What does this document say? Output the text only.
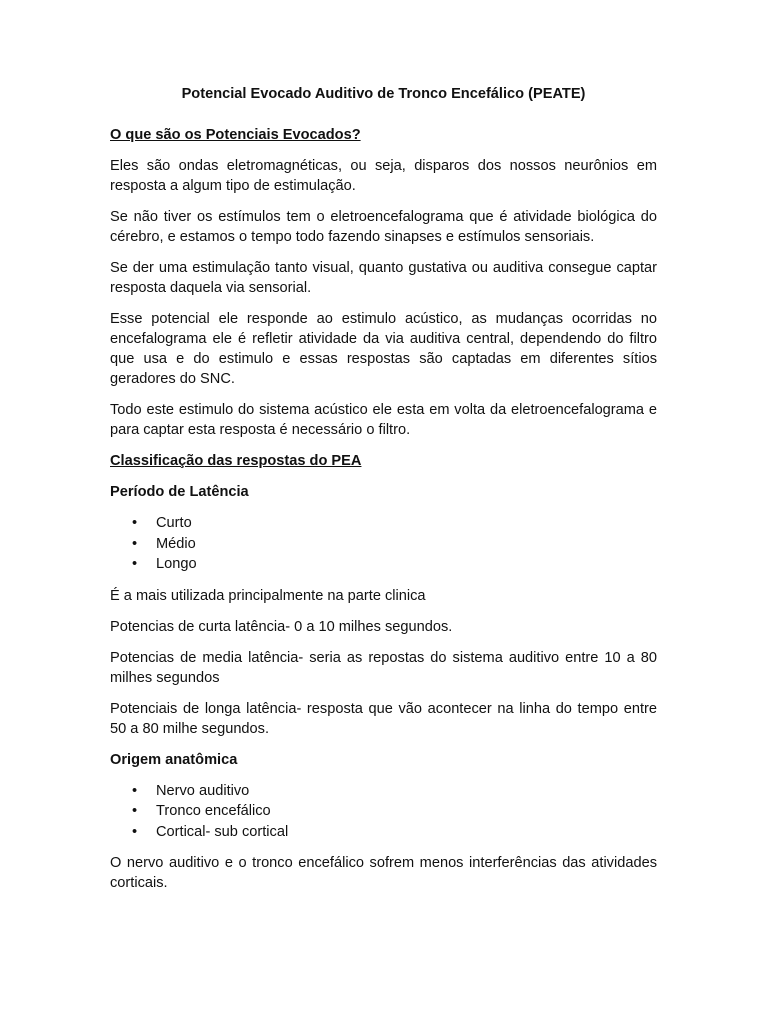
Potencial Evocado Auditivo de Tronco Encefálico (PEATE)

O que são os Potenciais Evocados?

Eles são ondas eletromagnéticas, ou seja, disparos dos nossos neurônios em resposta a algum tipo de estimulação.

Se não tiver os estímulos tem o eletroencefalograma que é atividade biológica do cérebro, e estamos o tempo todo fazendo sinapses e estímulos sensoriais.

Se der uma estimulação tanto visual, quanto gustativa ou auditiva consegue captar resposta daquela via sensorial.

Esse potencial ele responde ao estimulo acústico, as mudanças ocorridas no encefalograma ele é refletir atividade da via auditiva central, dependendo do filtro que usa e do estimulo e essas respostas são captadas em diferentes sítios geradores do SNC.

Todo este estimulo do sistema acústico ele esta em volta da eletroencefalograma e para captar esta resposta é necessário o filtro.

Classificação das respostas do PEA

Período de Latência

• Curto
• Médio
• Longo

É a mais utilizada principalmente na parte clinica

Potencias de curta latência- 0 a 10 milhes segundos.

Potencias de media latência- seria as repostas do sistema auditivo entre 10 a 80 milhes segundos

Potenciais de longa latência- resposta que vão acontecer na linha do tempo entre 50 a 80 milhe segundos.

Origem anatômica

• Nervo auditivo
• Tronco encefálico
• Cortical- sub cortical

O nervo auditivo e o tronco encefálico sofrem menos interferências das atividades corticais.
